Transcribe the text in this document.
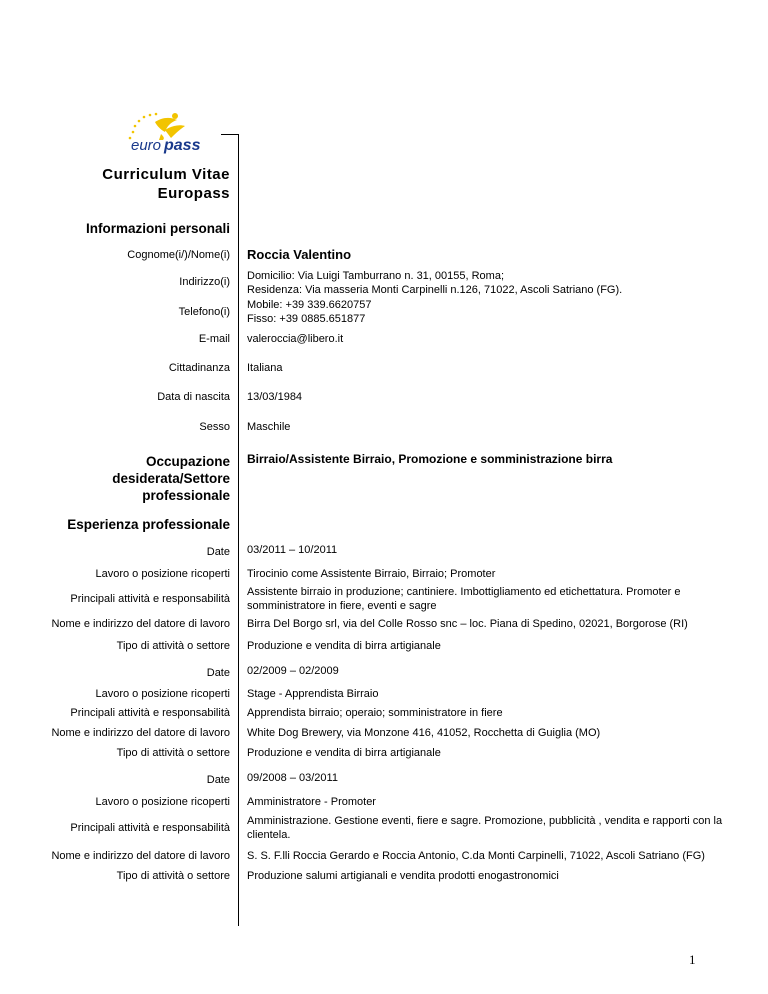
euro pass
Curriculum Vitae
Europass
Informazioni personali
Cognome(i/)/Nome(i) Roccia Valentino
Indirizzo(i) Domicilio: Via Luigi Tamburrano n. 31, 00155, Roma;
Residenza: Via masseria Monti Carpinelli n.126, 71022, Ascoli Satriano (FG).
Telefono(i)
Mobile: +39 339.6620757
Fisso: +39 0885.651877
E-mail valeroccia@libero.it
Cittadinanza Italiana
Data di nascita 13/03/1984
Sesso Maschile
Occupazione
desiderata/Settore
professionale
Birraio/Assistente Birraio, Promozione e somministrazione birra
Esperienza professionale
Date 03/2011 – 10/2011
Lavoro o posizione ricoperti Tirocinio come Assistente Birraio, Birraio; Promoter
Principali attività e responsabilità
Assistente birraio in produzione; cantiniere. Imbottigliamento ed etichettatura. Promoter e
somministratore in fiere, eventi e sagre
Nome e indirizzo del datore di lavoro Birra Del Borgo srl, via del Colle Rosso snc – loc. Piana di Spedino, 02021, Borgorose (RI)
Tipo di attività o settore Produzione e vendita di birra artigianale
Date 02/2009 – 02/2009
Lavoro o posizione ricoperti Stage - Apprendista Birraio
Principali attività e responsabilità Apprendista birraio; operaio; somministratore in fiere
Nome e indirizzo del datore di lavoro White Dog Brewery, via Monzone 416, 41052, Rocchetta di Guiglia (MO)
Tipo di attività o settore Produzione e vendita di birra artigianale
Date 09/2008 – 03/2011
Lavoro o posizione ricoperti Amministratore - Promoter
Principali attività e responsabilità
Amministrazione. Gestione eventi, fiere e sagre. Promozione, pubblicità , vendita e rapporti con la
clientela.
Nome e indirizzo del datore di lavoro S. S. F.lli Roccia Gerardo e Roccia Antonio, C.da Monti Carpinelli, 71022, Ascoli Satriano (FG)
Tipo di attività o settore Produzione salumi artigianali e vendita prodotti enogastronomici
1
